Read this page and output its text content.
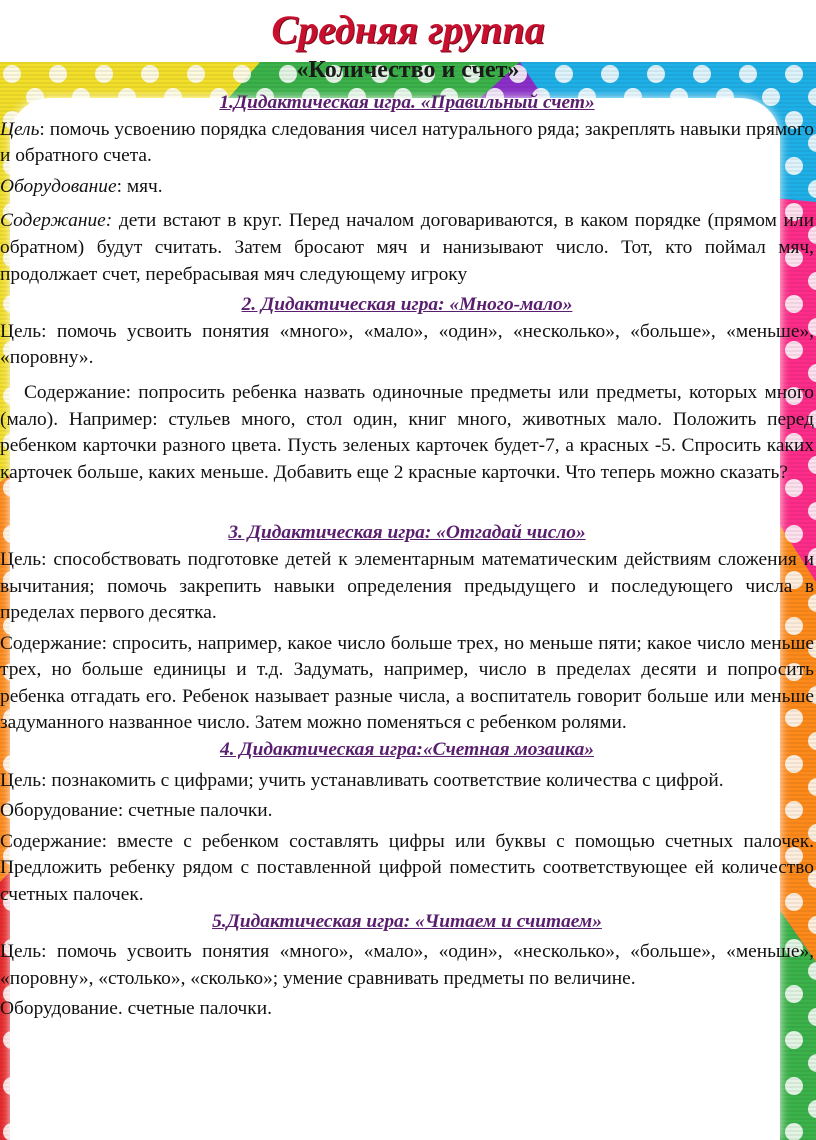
Средняя группа
«Количество и счет»

1.Дидактическая игра. «Правильный счет»

Цель: помочь усвоению порядка следования чисел натурального ряда; закреплять навыки прямого и обратного счета.

Оборудование: мяч.

Содержание: дети встают в круг. Перед началом договариваются, в каком порядке (прямом или обратном) будут считать. Затем бросают мяч и нанизывают число. Тот, кто поймал мяч, продолжает счет, перебрасывая мяч следующему игроку

2. Дидактическая игра: «Много-мало»

Цель: помочь усвоить понятия «много», «мало», «один», «несколько», «больше», «меньше», «поровну».

Содержание: попросить ребенка назвать одиночные предметы или предметы, которых много (мало). Например: стульев много, стол один, книг много, животных мало. Положить перед ребенком карточки разного цвета. Пусть зеленых карточек будет-7, а красных -5. Спросить каких карточек больше, каких меньше. Добавить еще 2 красные карточки. Что теперь можно сказать?

3. Дидактическая игра: «Отгадай число»

Цель: способствовать подготовке детей к элементарным математическим действиям сложения и вычитания; помочь закрепить навыки определения предыдущего и последующего числа в пределах первого десятка.

Содержание: спросить, например, какое число больше трех, но меньше пяти; какое число меньше трех, но больше единицы и т.д. Задумать, например, число в пределах десяти и попросить ребенка отгадать его. Ребенок называет разные числа, а воспитатель говорит больше или меньше задуманного названное число. Затем можно поменяться с ребенком ролями.

4. Дидактическая игра:«Счетная мозаика»

Цель: познакомить с цифрами; учить устанавливать соответствие количества с цифрой.

Оборудование: счетные палочки.

Содержание: вместе с ребенком составлять цифры или буквы с помощью счетных палочек. Предложить ребенку рядом с поставленной цифрой поместить соответствующее ей количество счетных палочек.

5.Дидактическая игра: «Читаем и считаем»

Цель: помочь усвоить понятия «много», «мало», «один», «несколько», «больше», «меньше», «поровну», «столько», «сколько»; умение сравнивать предметы по величине.

Оборудование. счетные палочки.
